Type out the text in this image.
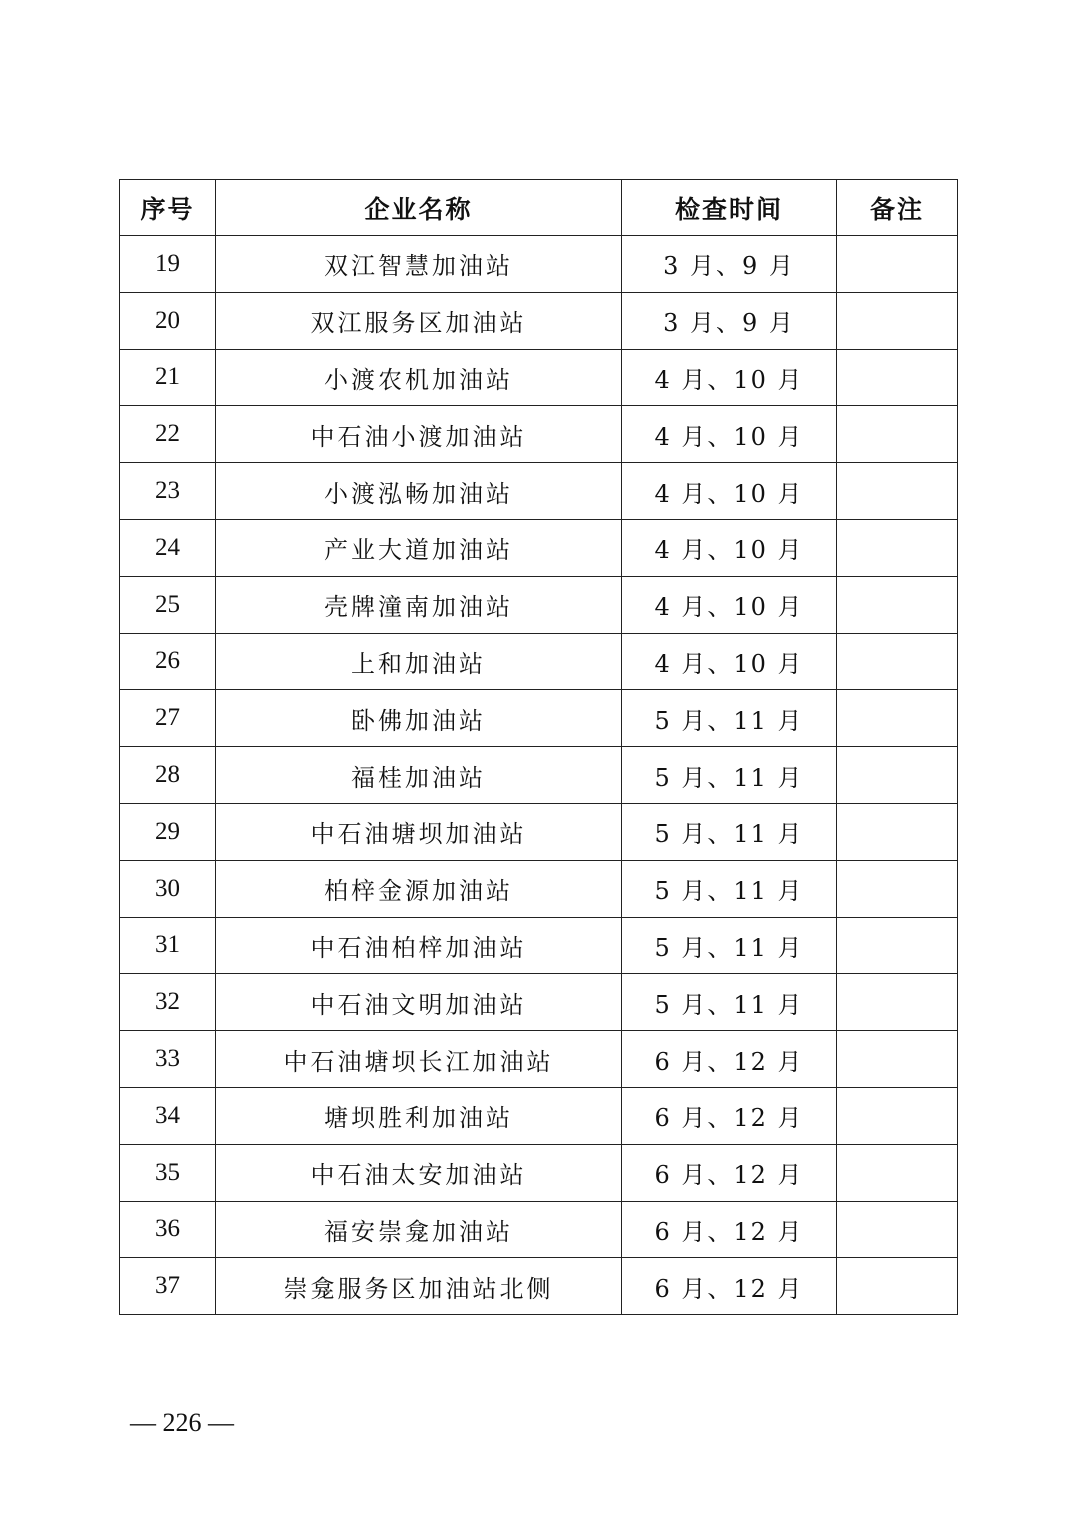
序号	企业名称	检查时间	备注
19	双江智慧加油站	3 月、9 月	
20	双江服务区加油站	3 月、9 月	
21	小渡农机加油站	4 月、10 月	
22	中石油小渡加油站	4 月、10 月	
23	小渡泓畅加油站	4 月、10 月	
24	产业大道加油站	4 月、10 月	
25	壳牌潼南加油站	4 月、10 月	
26	上和加油站	4 月、10 月	
27	卧佛加油站	5 月、11 月	
28	福桂加油站	5 月、11 月	
29	中石油塘坝加油站	5 月、11 月	
30	柏梓金源加油站	5 月、11 月	
31	中石油柏梓加油站	5 月、11 月	
32	中石油文明加油站	5 月、11 月	
33	中石油塘坝长江加油站	6 月、12 月	
34	塘坝胜利加油站	6 月、12 月	
35	中石油太安加油站	6 月、12 月	
36	福安崇龛加油站	6 月、12 月	
37	崇龛服务区加油站北侧	6 月、12 月	
— 226 —
